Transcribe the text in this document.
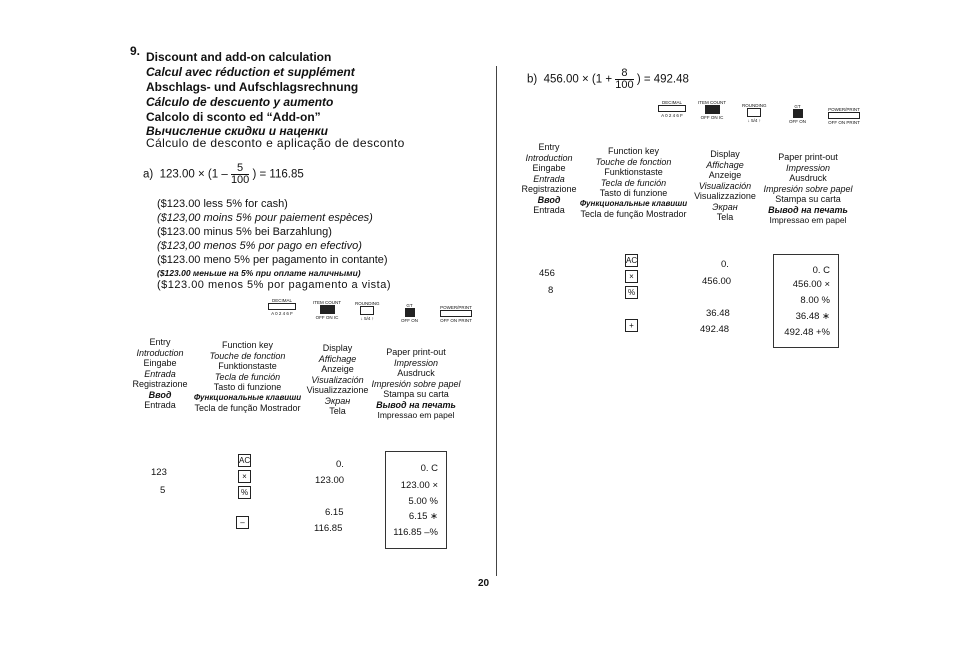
9. Discount and add-on calculation
Calcul avec réduction et supplément
Abschlags- und Aufschlagsrechnung
Cálculo de descuento y aumento
Calcolo di sconto ed “Add-on”
Вычисление скидки и наценки
Cálculo de desconto e aplicação de desconto
a) $123.00 \times (1 - \frac{5}{100}$ ) = 116.85
($123.00 less 5% for cash)
($123,00 moins 5% pour paiement espèces)
($123.00 minus 5% bei Barzahlung)
($123,00 menos 5% por pago en efectivo)
($123.00 meno 5% per pagamento in contante)
($123.00 меньше на 5% при оплате наличными)
($123.00 menos 5% por pagamento a vista)
DECIMAL
A 0 2 4 6 F
ITEM COUNT
OFF ON IC
ROUNDING
↓ 5/4 ↑
GT
OFF ON
POWER/PRINT
OFF ON PRINT
Entry
Introduction
Eingabe
Entrada
Registrazione
Ввод
Entrada
Function key
Touche de fonction
Funktionstaste
Tecla de función
Tasto di funzione
Функциональные клавиши
Tecla de função Mostrador
Display
Affichage
Anzeige
Visualización
Visualizzazione
Экран
Tela
Paper print-out
Impression
Ausdruck
Impresión sobre papel
Stampa su carta
Вывод на печать
Impressao em papel
123
5
AC
×
%
–
0.
123.00
6.15
116.85
0. C
123.00 ×
5.00 %
6.15 ∗
116.85 –%
20
b) $456.00 \times (1 + \frac{8}{100}$ ) = 492.48
DECIMAL
A 0 2 4 6 F
ITEM COUNT
OFF ON IC
ROUNDING
↓ 5/4 ↑
GT
OFF ON
POWER/PRINT
OFF ON PRINT
Entry
Introduction
Eingabe
Entrada
Registrazione
Ввод
Entrada
Function key
Touche de fonction
Funktionstaste
Tecla de función
Tasto di funzione
Функциональные клавиши
Tecla de função Mostrador
Display
Affichage
Anzeige
Visualización
Visualizzazione
Экран
Tela
Paper print-out
Impression
Ausdruck
Impresión sobre papel
Stampa su carta
Вывод на печать
Impressao em papel
456
8
AC
×
%
+
0.
456.00
36.48
492.48
0. C
456.00 ×
8.00 %
36.48 ∗
492.48 +%
